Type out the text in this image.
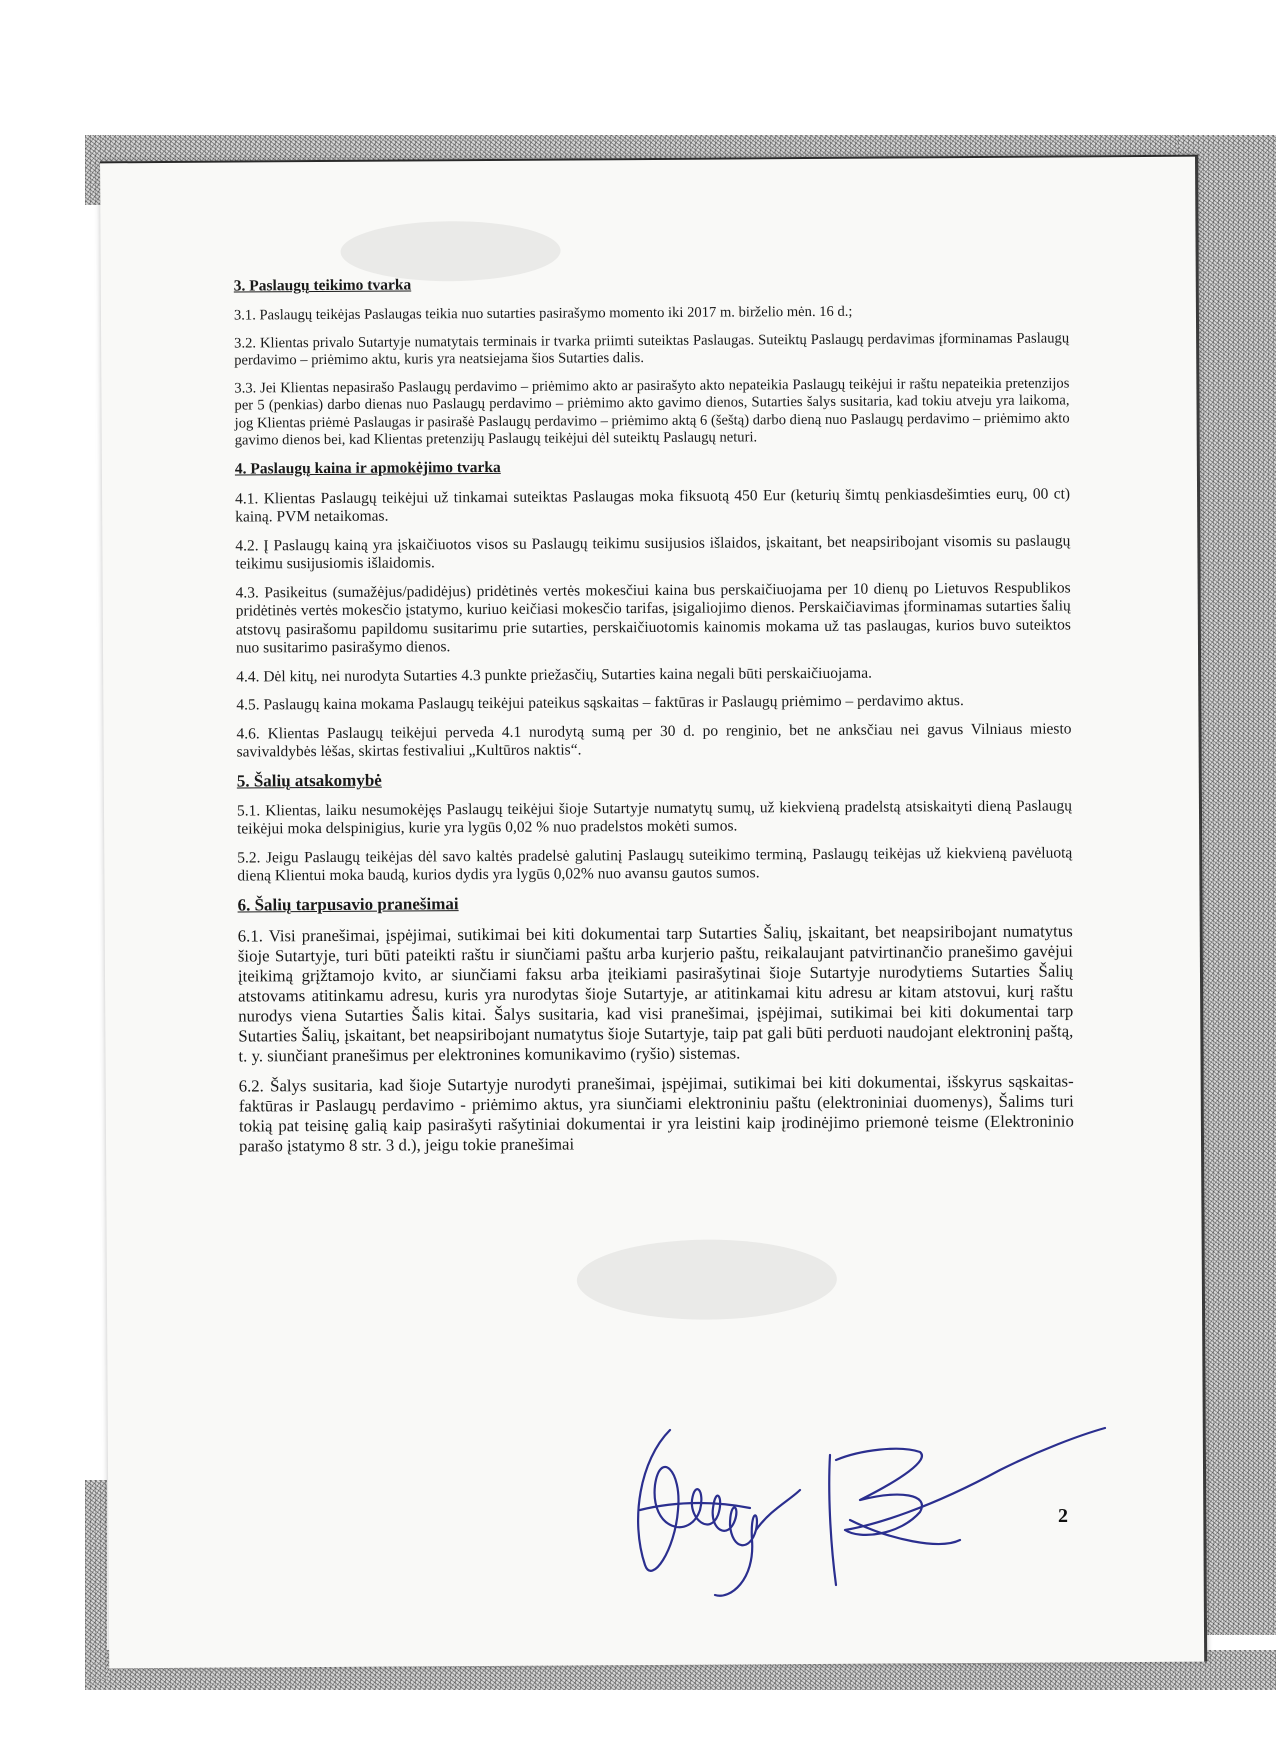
3. Paslaugų teikimo tvarka

3.1. Paslaugų teikėjas Paslaugas teikia nuo sutarties pasirašymo momento iki 2017 m. birželio mėn. 16 d.;

3.2. Klientas privalo Sutartyje numatytais terminais ir tvarka priimti suteiktas Paslaugas. Suteiktų Paslaugų perdavimas įforminamas Paslaugų perdavimo – priėmimo aktu, kuris yra neatsiejama šios Sutarties dalis.

3.3. Jei Klientas nepasirašo Paslaugų perdavimo – priėmimo akto ar pasirašyto akto nepateikia Paslaugų teikėjui ir raštu nepateikia pretenzijos per 5 (penkias) darbo dienas nuo Paslaugų perdavimo – priėmimo akto gavimo dienos, Sutarties šalys susitaria, kad tokiu atveju yra laikoma, jog Klientas priėmė Paslaugas ir pasirašė Paslaugų perdavimo – priėmimo aktą 6 (šeštą) darbo dieną nuo Paslaugų perdavimo – priėmimo akto gavimo dienos bei, kad Klientas pretenzijų Paslaugų teikėjui dėl suteiktų Paslaugų neturi.

4. Paslaugų kaina ir apmokėjimo tvarka

4.1. Klientas Paslaugų teikėjui už tinkamai suteiktas Paslaugas moka fiksuotą 450 Eur (keturių šimtų penkiasdešimties eurų, 00 ct) kainą. PVM netaikomas.

4.2. Į Paslaugų kainą yra įskaičiuotos visos su Paslaugų teikimu susijusios išlaidos, įskaitant, bet neapsiribojant visomis su paslaugų teikimu susijusiomis išlaidomis.

4.3. Pasikeitus (sumažėjus/padidėjus) pridėtinės vertės mokesčiui kaina bus perskaičiuojama per 10 dienų po Lietuvos Respublikos pridėtinės vertės mokesčio įstatymo, kuriuo keičiasi mokesčio tarifas, įsigaliojimo dienos. Perskaičiavimas įforminamas sutarties šalių atstovų pasirašomu papildomu susitarimu prie sutarties, perskaičiuotomis kainomis mokama už tas paslaugas, kurios buvo suteiktos nuo susitarimo pasirašymo dienos.

4.4. Dėl kitų, nei nurodyta Sutarties 4.3 punkte priežasčių, Sutarties kaina negali būti perskaičiuojama.

4.5. Paslaugų kaina mokama Paslaugų teikėjui pateikus sąskaitas – faktūras ir Paslaugų priėmimo – perdavimo aktus.

4.6. Klientas Paslaugų teikėjui perveda 4.1 nurodytą sumą per 30 d. po renginio, bet ne anksčiau nei gavus Vilniaus miesto savivaldybės lėšas, skirtas festivaliui „Kultūros naktis“.

5. Šalių atsakomybė

5.1. Klientas, laiku nesumokėjęs Paslaugų teikėjui šioje Sutartyje numatytų sumų, už kiekvieną pradelstą atsiskaityti dieną Paslaugų teikėjui moka delspinigius, kurie yra lygūs 0,02 % nuo pradelstos mokėti sumos.

5.2. Jeigu Paslaugų teikėjas dėl savo kaltės pradelsė galutinį Paslaugų suteikimo terminą, Paslaugų teikėjas už kiekvieną pavėluotą dieną Klientui moka baudą, kurios dydis yra lygūs 0,02% nuo avansu gautos sumos.

6. Šalių tarpusavio pranešimai

6.1. Visi pranešimai, įspėjimai, sutikimai bei kiti dokumentai tarp Sutarties Šalių, įskaitant, bet neapsiribojant numatytus šioje Sutartyje, turi būti pateikti raštu ir siunčiami paštu arba kurjerio paštu, reikalaujant patvirtinančio pranešimo gavėjui įteikimą grįžtamojo kvito, ar siunčiami faksu arba įteikiami pasirašytinai šioje Sutartyje nurodytiems Sutarties Šalių atstovams atitinkamu adresu, kuris yra nurodytas šioje Sutartyje, ar atitinkamai kitu adresu ar kitam atstovui, kurį raštu nurodys viena Sutarties Šalis kitai. Šalys susitaria, kad visi pranešimai, įspėjimai, sutikimai bei kiti dokumentai tarp Sutarties Šalių, įskaitant, bet neapsiribojant numatytus šioje Sutartyje, taip pat gali būti perduoti naudojant elektroninį paštą, t. y. siunčiant pranešimus per elektronines komunikavimo (ryšio) sistemas.

6.2. Šalys susitaria, kad šioje Sutartyje nurodyti pranešimai, įspėjimai, sutikimai bei kiti dokumentai, išskyrus sąskaitas-faktūras ir Paslaugų perdavimo - priėmimo aktus, yra siunčiami elektroniniu paštu (elektroniniai duomenys), Šalims turi tokią pat teisinę galią kaip pasirašyti rašytiniai dokumentai ir yra leistini kaip įrodinėjimo priemonė teisme (Elektroninio parašo įstatymo 8 str. 3 d.), jeigu tokie pranešimai

2
